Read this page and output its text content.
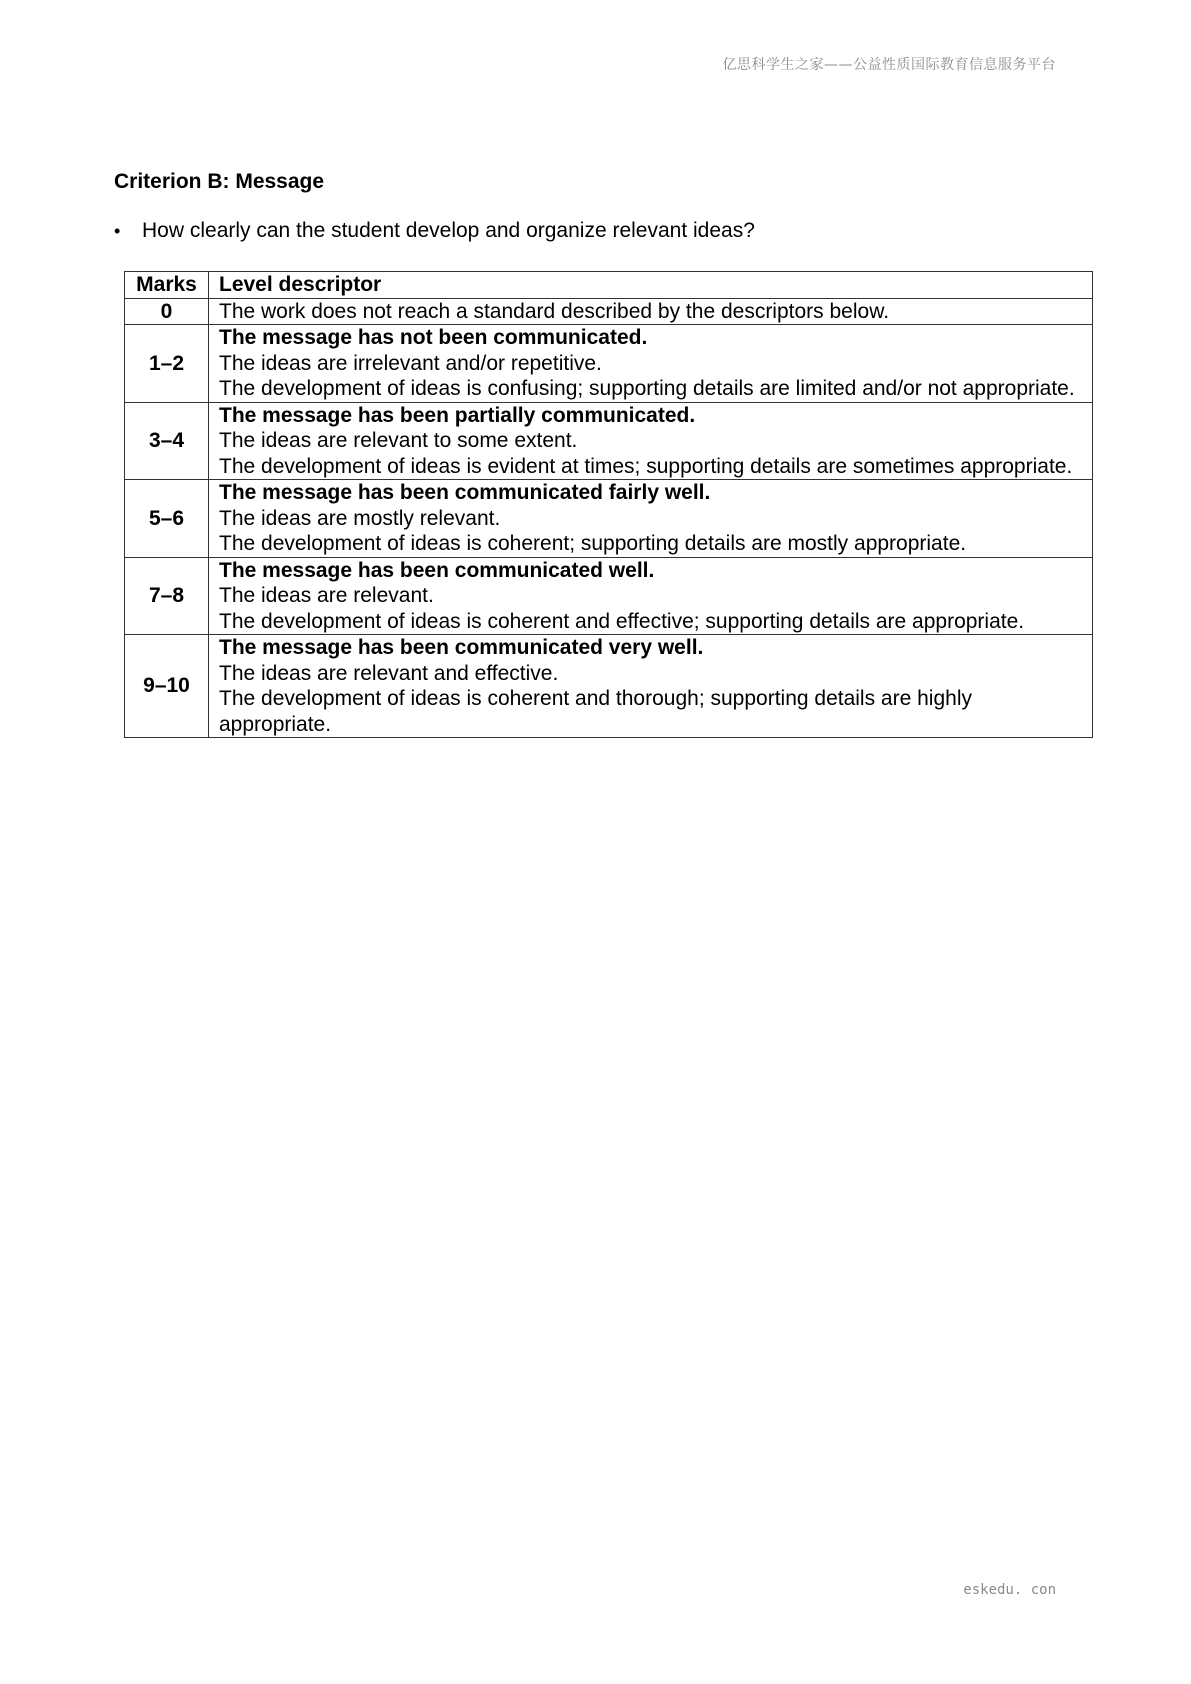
亿思科学生之家——公益性质国际教育信息服务平台
Criterion B: Message
•	How clearly can the student develop and organize relevant ideas?
Marks	Level descriptor
0	The work does not reach a standard described by the descriptors below.

1–2	The message has not been communicated.
The ideas are irrelevant and/or repetitive.
The development of ideas is confusing; supporting details are limited and/or not appropriate.

3–4	The message has been partially communicated.
The ideas are relevant to some extent.
The development of ideas is evident at times; supporting details are sometimes appropriate.

5–6	The message has been communicated fairly well.
The ideas are mostly relevant.
The development of ideas is coherent; supporting details are mostly appropriate.

7–8	The message has been communicated well.
The ideas are relevant.
The development of ideas is coherent and effective; supporting details are appropriate.

9–10	The message has been communicated very well.
The ideas are relevant and effective.
The development of ideas is coherent and thorough; supporting details are highly appropriate.
eskedu. con
